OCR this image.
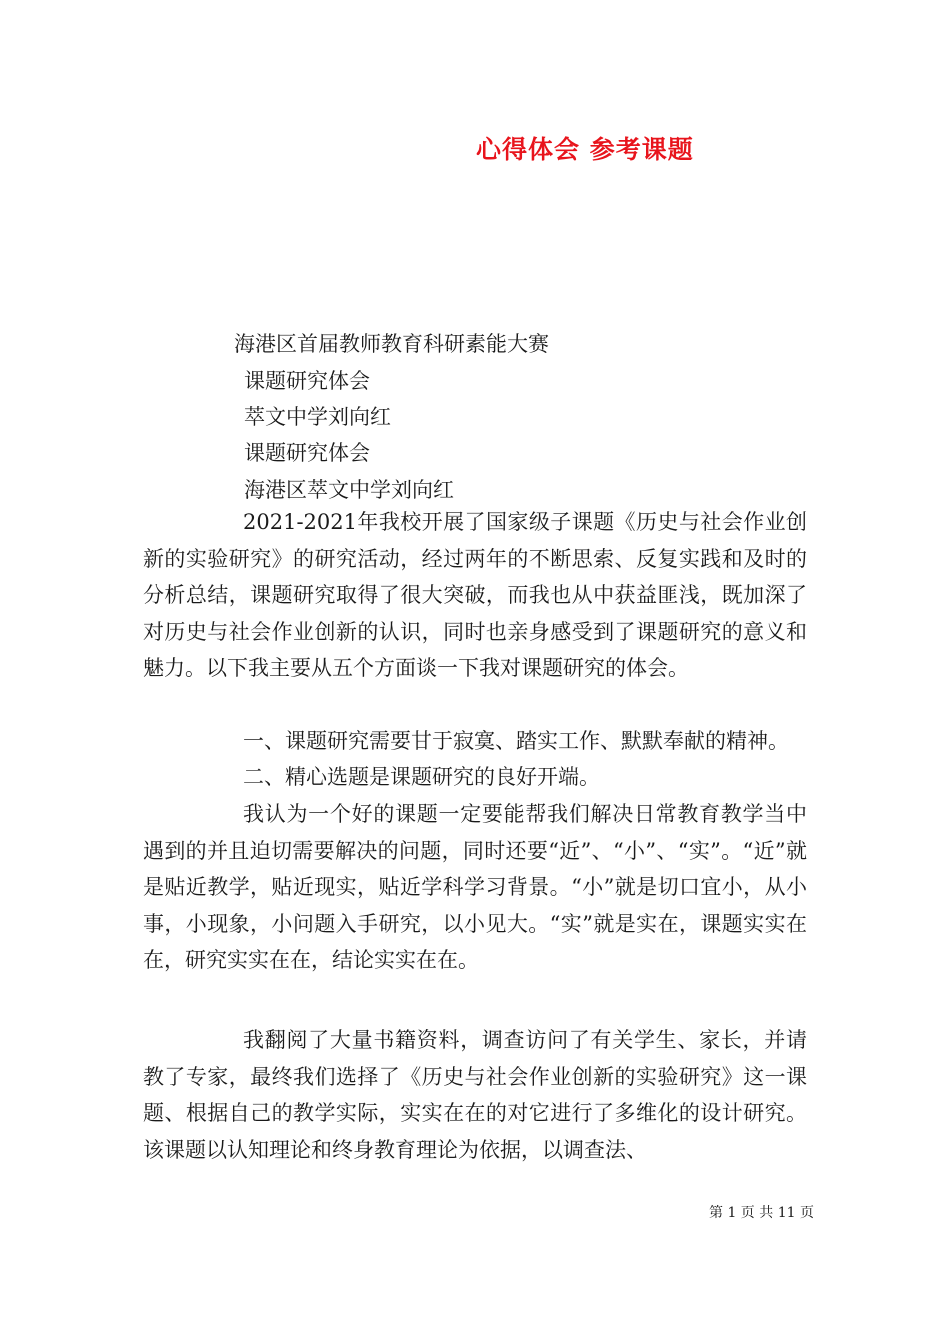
心得体会 参考课题
海港区首届教师教育科研素能大赛
课题研究体会
萃文中学刘向红
课题研究体会
海港区萃文中学刘向红

2021-2021年我校开展了国家级子课题《历史与社会作业创新的实验研究》的研究活动，经过两年的不断思索、反复实践和及时的分析总结，课题研究取得了很大突破，而我也从中获益匪浅，既加深了对历史与社会作业创新的认识，同时也亲身感受到了课题研究的意义和魅力。以下我主要从五个方面谈一下我对课题研究的体会。

一、课题研究需要甘于寂寞、踏实工作、默默奉献的精神。

二、精心选题是课题研究的良好开端。

我认为一个好的课题一定要能帮我们解决日常教育教学当中遇到的并且迫切需要解决的问题，同时还要“近”、“小”、“实”。“近”就是贴近教学，贴近现实，贴近学科学习背景。“小”就是切口宜小，从小事，小现象，小问题入手研究，以小见大。“实”就是实在，课题实实在在，研究实实在在，结论实实在在。

我翻阅了大量书籍资料，调查访问了有关学生、家长，并请教了专家，最终我们选择了《历史与社会作业创新的实验研究》这一课题、根据自己的教学实际，实实在在的对它进行了多维化的设计研究。该课题以认知理论和终身教育理论为依据，以调查法、

第 1 页 共 11 页
